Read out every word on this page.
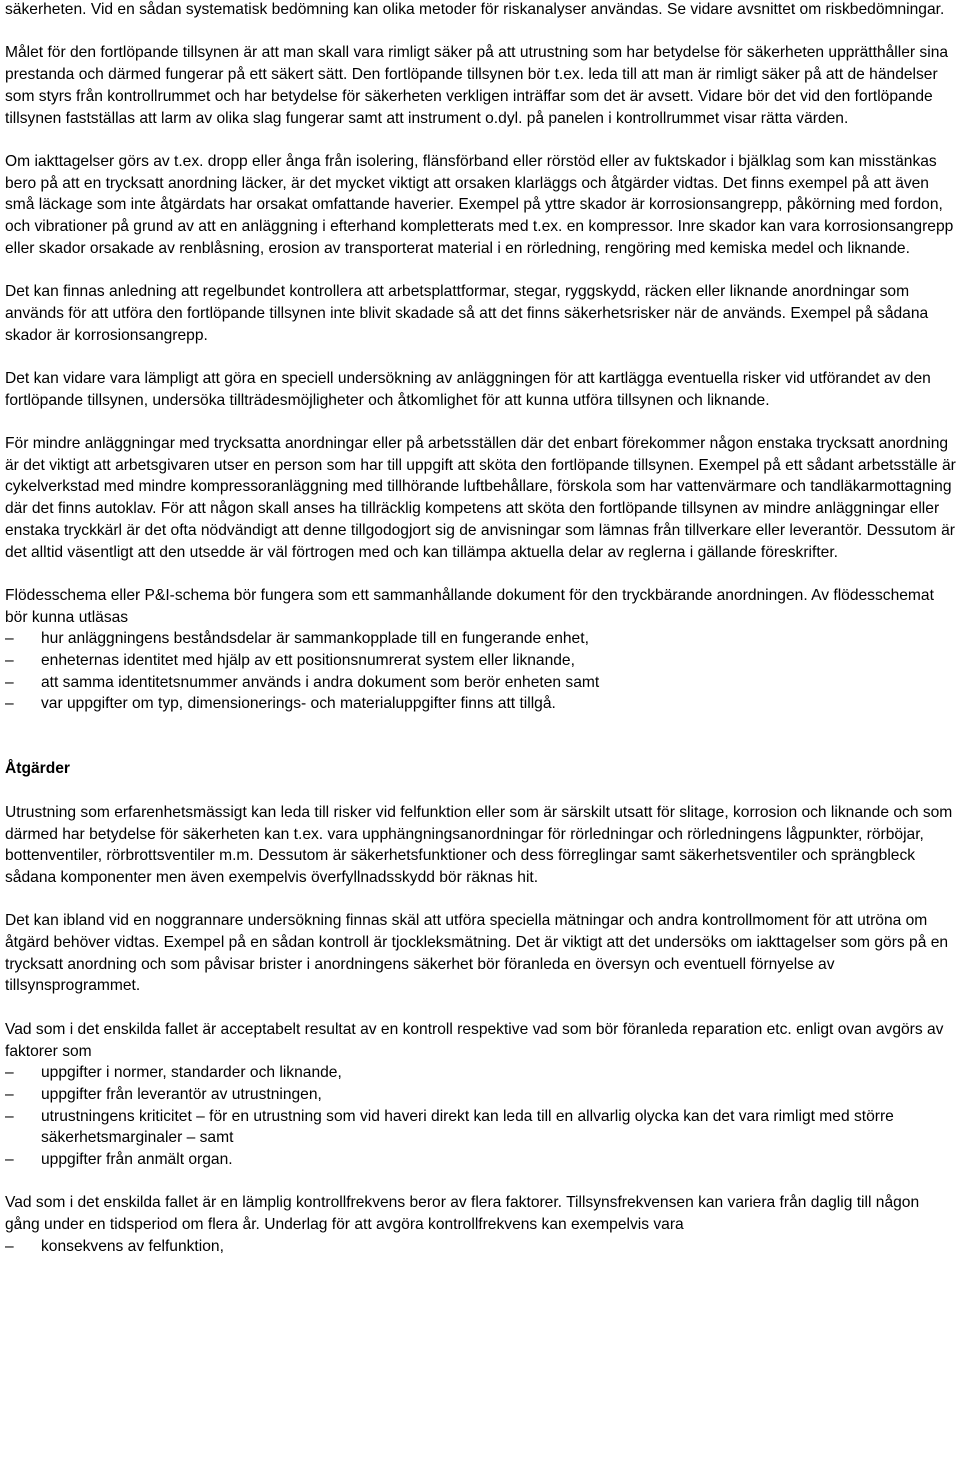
säkerheten. Vid en sådan systematisk bedömning kan olika metoder för riskanalyser användas. Se vidare avsnittet om riskbedömningar.

Målet för den fortlöpande tillsynen är att man skall vara rimligt säker på att utrustning som har betydelse för säkerheten upprätthåller sina prestanda och därmed fungerar på ett säkert sätt. Den fortlöpande tillsynen bör t.ex. leda till att man är rimligt säker på att de händelser som styrs från kontrollrummet och har betydelse för säkerheten verkligen inträffar som det är avsett. Vidare bör det vid den fortlöpande tillsynen fastställas att larm av olika slag fungerar samt att instrument o.dyl. på panelen i kontrollrummet visar rätta värden.

Om iakttagelser görs av t.ex. dropp eller ånga från isolering, flänsförband eller rörstöd eller av fuktskador i bjälklag som kan misstänkas bero på att en trycksatt anordning läcker, är det mycket viktigt att orsaken klarläggs och åtgärder vidtas. Det finns exempel på att även små läckage som inte åtgärdats har orsakat omfattande haverier. Exempel på yttre skador är korrosionsangrepp, påkörning med fordon, och vibrationer på grund av att en anläggning i efterhand kompletterats med t.ex. en kompressor. Inre skador kan vara korrosionsangrepp eller skador orsakade av renblåsning, erosion av transporterat material i en rörledning, rengöring med kemiska medel och liknande.

Det kan finnas anledning att regelbundet kontrollera att arbetsplattformar, stegar, ryggskydd, räcken eller liknande anordningar som används för att utföra den fortlöpande tillsynen inte blivit skadade så att det finns säkerhetsrisker när de används. Exempel på sådana skador är korrosionsangrepp.

Det kan vidare vara lämpligt att göra en speciell undersökning av anläggningen för att kartlägga eventuella risker vid utförandet av den fortlöpande tillsynen, undersöka tillträdesmöjligheter och åtkomlighet för att kunna utföra tillsynen och liknande.

För mindre anläggningar med trycksatta anordningar eller på arbetsställen där det enbart förekommer någon enstaka trycksatt anordning är det viktigt att arbetsgivaren utser en person som har till uppgift att sköta den fortlöpande tillsynen. Exempel på ett sådant arbetsställe är cykelverkstad med mindre kompressoranläggning med tillhörande luftbehållare, förskola som har vattenvärmare och tandläkarmottagning där det finns autoklav. För att någon skall anses ha tillräcklig kompetens att sköta den fortlöpande tillsynen av mindre anläggningar eller enstaka tryckkärl är det ofta nödvändigt att denne tillgodogjort sig de anvisningar som lämnas från tillverkare eller leverantör. Dessutom är det alltid väsentligt att den utsedde är väl förtrogen med och kan tillämpa aktuella delar av reglerna i gällande föreskrifter.

Flödesschema eller P&I-schema bör fungera som ett sammanhållande dokument för den tryckbärande anordningen. Av flödesschemat bör kunna utläsas

– hur anläggningens beståndsdelar är sammankopplade till en fungerande enhet,
– enheternas identitet med hjälp av ett positionsnumrerat system eller liknande,
– att samma identitetsnummer används i andra dokument som berör enheten samt
– var uppgifter om typ, dimensionerings- och materialuppgifter finns att tillgå.
Åtgärder

Utrustning som erfarenhetsmässigt kan leda till risker vid felfunktion eller som är särskilt utsatt för slitage, korrosion och liknande och som därmed har betydelse för säkerheten kan t.ex. vara upphängningsanordningar för rörledningar och rörledningens lågpunkter, rörböjar, bottenventiler, rörbrottsventiler m.m. Dessutom är säkerhetsfunktioner och dess förreglingar samt säkerhetsventiler och sprängbleck sådana komponenter men även exempelvis överfyllnadsskydd bör räknas hit.

Det kan ibland vid en noggrannare undersökning finnas skäl att utföra speciella mätningar och andra kontrollmoment för att utröna om åtgärd behöver vidtas. Exempel på en sådan kontroll är tjockleksmätning. Det är viktigt att det undersöks om iakttagelser som görs på en trycksatt anordning och som påvisar brister i anordningens säkerhet bör föranleda en översyn och eventuell förnyelse av tillsynsprogrammet.

Vad som i det enskilda fallet är acceptabelt resultat av en kontroll respektive vad som bör föranleda reparation etc. enligt ovan avgörs av faktorer som

– uppgifter i normer, standarder och liknande,
– uppgifter från leverantör av utrustningen,
– utrustningens kriticitet – för en utrustning som vid haveri direkt kan leda till en allvarlig olycka kan det vara rimligt med större säkerhetsmarginaler – samt
– uppgifter från anmält organ.

Vad som i det enskilda fallet är en lämplig kontrollfrekvens beror av flera faktorer. Tillsynsfrekvensen kan variera från daglig till någon gång under en tidsperiod om flera år. Underlag för att avgöra kontrollfrekvens kan exempelvis vara

– konsekvens av felfunktion,
